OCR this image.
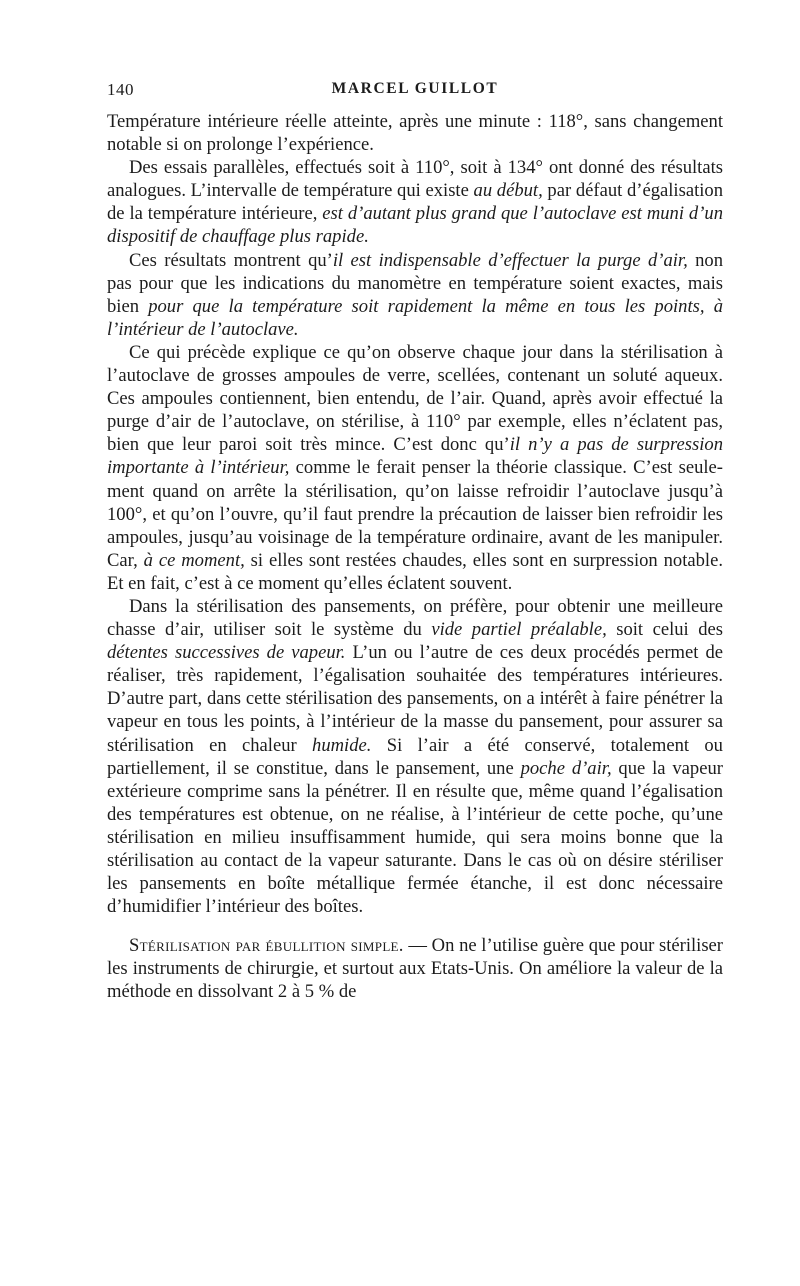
140	MARCEL GUILLOT

Température intérieure réelle atteinte, après une minute : 118°, sans changement notable si on prolonge l’expérience.

Des essais parallèles, effectués soit à 110°, soit à 134° ont donné des résultats analogues. L’intervalle de température qui existe au début, par défaut d’égalisation de la température intérieure, est d’autant plus grand que l’autoclave est muni d’un dispositif de chauffage plus rapide.

Ces résultats montrent qu’il est indispensable d’effectuer la purge d’air, non pas pour que les indications du manomètre en température soient exactes, mais bien pour que la température soit rapidement la même en tous les points, à l’intérieur de l’autoclave.

Ce qui précède explique ce qu’on observe chaque jour dans la stérilisation à l’autoclave de grosses ampoules de verre, scellées, contenant un soluté aqueux. Ces ampoules contiennent, bien entendu, de l’air. Quand, après avoir effectué la purge d’air de l’autoclave, on stérilise, à 110° par exemple, elles n’éclatent pas, bien que leur paroi soit très mince. C’est donc qu’il n’y a pas de surpression importante à l’intérieur, comme le ferait penser la théorie classique. C’est seulement quand on arrête la stérilisation, qu’on laisse refroidir l’autoclave jusqu’à 100°, et qu’on l’ouvre, qu’il faut prendre la précaution de laisser bien refroidir les ampoules, jusqu’au voisinage de la température ordinaire, avant de les manipuler. Car, à ce moment, si elles sont restées chaudes, elles sont en surpression notable. Et en fait, c’est à ce moment qu’elles éclatent souvent.

Dans la stérilisation des pansements, on préfère, pour obtenir une meilleure chasse d’air, utiliser soit le système du vide partiel préalable, soit celui des détentes successives de vapeur. L’un ou l’autre de ces deux procédés permet de réaliser, très rapidement, l’égalisation souhaitée des températures intérieures. D’autre part, dans cette stérilisation des pansements, on a intérêt à faire pénétrer la vapeur en tous les points, à l’intérieur de la masse du pansement, pour assurer sa stérilisation en chaleur humide. Si l’air a été conservé, totalement ou partiellement, il se constitue, dans le pansement, une poche d’air, que la vapeur extérieure comprime sans la pénétrer. Il en résulte que, même quand l’égalisation des températures est obtenue, on ne réalise, à l’intérieur de cette poche, qu’une stérilisation en milieu insuffisamment humide, qui sera moins bonne que la stérilisation au contact de la vapeur saturante. Dans le cas où on désire stériliser les pansements en boîte métallique fermée étanche, il est donc nécessaire d’humidifier l’intérieur des boîtes.

Stérilisation par ébullition simple. — On ne l’utilise guère que pour stériliser les instruments de chirurgie, et surtout aux Etats-Unis. On améliore la valeur de la méthode en dissolvant 2 à 5 % de
